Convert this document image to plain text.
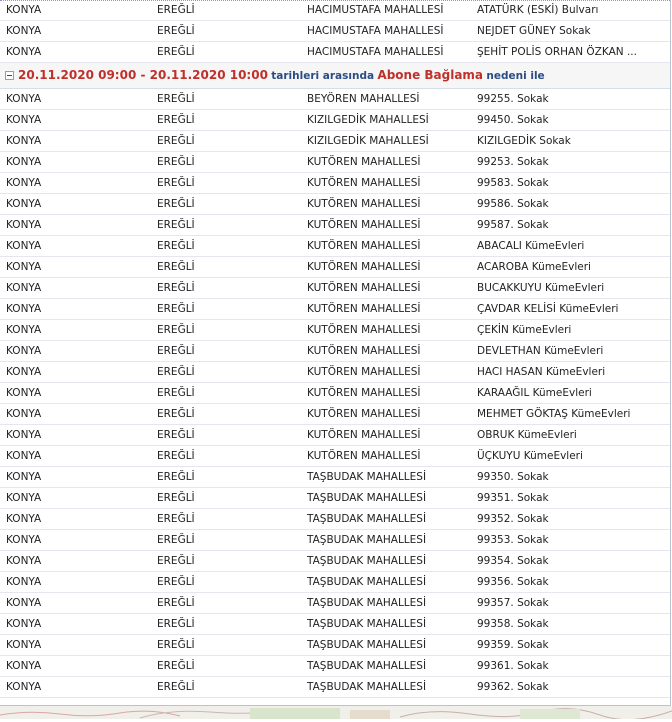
KONYA	EREĞLİ	HACIMUSTAFA MAHALLESİ	ATATÜRK (ESKİ) Bulvarı
KONYA	EREĞLİ	HACIMUSTAFA MAHALLESİ	NEJDET GÜNEY Sokak
KONYA	EREĞLİ	HACIMUSTAFA MAHALLESİ	ŞEHİT POLİS ORHAN ÖZKAN ...
20.11.2020 09:00 - 20.11.2020 10:00 tarihleri arasında Abone Bağlama nedeni ile
KONYA	EREĞLİ	BEYÖREN MAHALLESİ	99255. Sokak
KONYA	EREĞLİ	KIZILGEDİK MAHALLESİ	99450. Sokak
KONYA	EREĞLİ	KIZILGEDİK MAHALLESİ	KIZILGEDİK Sokak
KONYA	EREĞLİ	KUTÖREN MAHALLESİ	99253. Sokak
KONYA	EREĞLİ	KUTÖREN MAHALLESİ	99583. Sokak
KONYA	EREĞLİ	KUTÖREN MAHALLESİ	99586. Sokak
KONYA	EREĞLİ	KUTÖREN MAHALLESİ	99587. Sokak
KONYA	EREĞLİ	KUTÖREN MAHALLESİ	ABACALI KümeEvleri
KONYA	EREĞLİ	KUTÖREN MAHALLESİ	ACAROBA KümeEvleri
KONYA	EREĞLİ	KUTÖREN MAHALLESİ	BUCAKKUYU KümeEvleri
KONYA	EREĞLİ	KUTÖREN MAHALLESİ	ÇAVDAR KELİSİ KümeEvleri
KONYA	EREĞLİ	KUTÖREN MAHALLESİ	ÇEKİN KümeEvleri
KONYA	EREĞLİ	KUTÖREN MAHALLESİ	DEVLETHAN KümeEvleri
KONYA	EREĞLİ	KUTÖREN MAHALLESİ	HACI HASAN KümeEvleri
KONYA	EREĞLİ	KUTÖREN MAHALLESİ	KARAAĞIL KümeEvleri
KONYA	EREĞLİ	KUTÖREN MAHALLESİ	MEHMET GÖKTAŞ KümeEvleri
KONYA	EREĞLİ	KUTÖREN MAHALLESİ	OBRUK KümeEvleri
KONYA	EREĞLİ	KUTÖREN MAHALLESİ	ÜÇKUYU KümeEvleri
KONYA	EREĞLİ	TAŞBUDAK MAHALLESİ	99350. Sokak
KONYA	EREĞLİ	TAŞBUDAK MAHALLESİ	99351. Sokak
KONYA	EREĞLİ	TAŞBUDAK MAHALLESİ	99352. Sokak
KONYA	EREĞLİ	TAŞBUDAK MAHALLESİ	99353. Sokak
KONYA	EREĞLİ	TAŞBUDAK MAHALLESİ	99354. Sokak
KONYA	EREĞLİ	TAŞBUDAK MAHALLESİ	99356. Sokak
KONYA	EREĞLİ	TAŞBUDAK MAHALLESİ	99357. Sokak
KONYA	EREĞLİ	TAŞBUDAK MAHALLESİ	99358. Sokak
KONYA	EREĞLİ	TAŞBUDAK MAHALLESİ	99359. Sokak
KONYA	EREĞLİ	TAŞBUDAK MAHALLESİ	99361. Sokak
KONYA	EREĞLİ	TAŞBUDAK MAHALLESİ	99362. Sokak
